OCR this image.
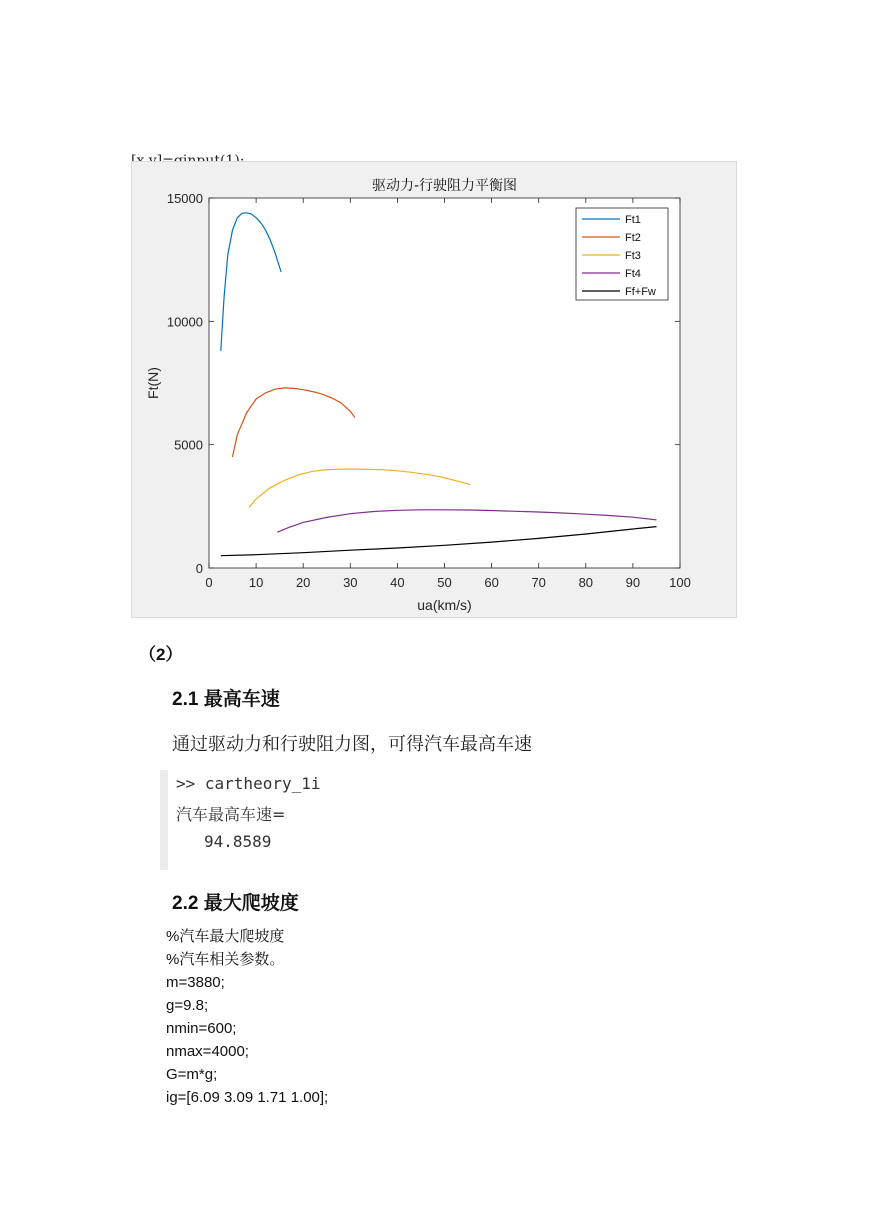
0	10	20	30	40	50	60	70	80	90 100
0
5000
10000
15000
驱动力-行驶阻力平衡图
ua(km/s)
Ft(N)
Ft1
Ft2
Ft3
Ft4
Ff+Fw
（2）
2.1 最高车速
通过驱动力和行驶阻力图，可得汽车最高车速
>> cartheory_1i
汽车最高车速=
94.8589
2.2 最大爬坡度
%汽车最大爬坡度
%汽车相关参数。
m=3880;
g=9.8;
nmin=600;
nmax=4000;
G=m*g;
ig=[6.09 3.09 1.71 1.00];
